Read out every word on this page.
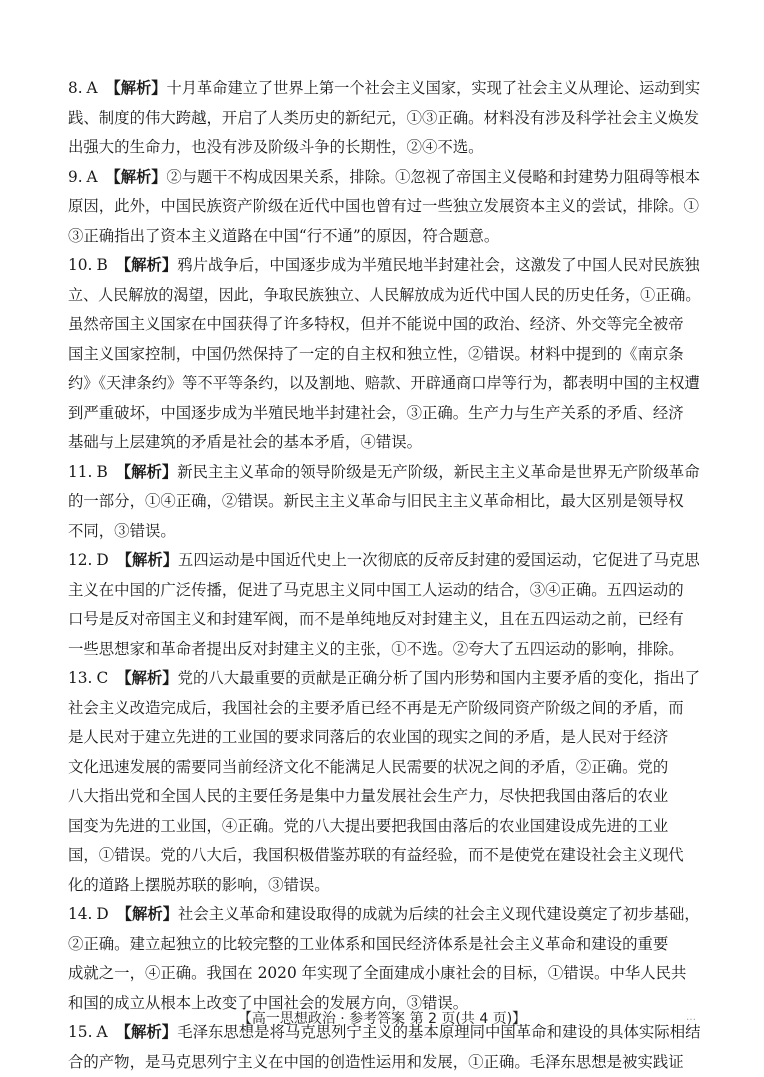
8. A 【解析】十月革命建立了世界上第一个社会主义国家，实现了社会主义从理论、运动到实
践、制度的伟大跨越，开启了人类历史的新纪元，①③正确。材料没有涉及科学社会主义焕发
出强大的生命力，也没有涉及阶级斗争的长期性，②④不选。
9. A 【解析】②与题干不构成因果关系，排除。①忽视了帝国主义侵略和封建势力阻碍等根本
原因，此外，中国民族资产阶级在近代中国也曾有过一些独立发展资本主义的尝试，排除。①
③正确指出了资本主义道路在中国“行不通”的原因，符合题意。
10. B 【解析】鸦片战争后，中国逐步成为半殖民地半封建社会，这激发了中国人民对民族独
立、人民解放的渴望，因此，争取民族独立、人民解放成为近代中国人民的历史任务，①正确。
虽然帝国主义国家在中国获得了许多特权，但并不能说中国的政治、经济、外交等完全被帝
国主义国家控制，中国仍然保持了一定的自主权和独立性，②错误。材料中提到的《南京条
约》《天津条约》等不平等条约，以及割地、赔款、开辟通商口岸等行为，都表明中国的主权遭
到严重破坏，中国逐步成为半殖民地半封建社会，③正确。生产力与生产关系的矛盾、经济
基础与上层建筑的矛盾是社会的基本矛盾，④错误。
11. B 【解析】新民主主义革命的领导阶级是无产阶级，新民主主义革命是世界无产阶级革命
的一部分，①④正确，②错误。新民主主义革命与旧民主主义革命相比，最大区别是领导权
不同，③错误。
12. D 【解析】五四运动是中国近代史上一次彻底的反帝反封建的爱国运动，它促进了马克思
主义在中国的广泛传播，促进了马克思主义同中国工人运动的结合，③④正确。五四运动的
口号是反对帝国主义和封建军阀，而不是单纯地反对封建主义，且在五四运动之前，已经有
一些思想家和革命者提出反对封建主义的主张，①不选。②夸大了五四运动的影响，排除。
13. C 【解析】党的八大最重要的贡献是正确分析了国内形势和国内主要矛盾的变化，指出了
社会主义改造完成后，我国社会的主要矛盾已经不再是无产阶级同资产阶级之间的矛盾，而
是人民对于建立先进的工业国的要求同落后的农业国的现实之间的矛盾，是人民对于经济
文化迅速发展的需要同当前经济文化不能满足人民需要的状况之间的矛盾，②正确。党的
八大指出党和全国人民的主要任务是集中力量发展社会生产力，尽快把我国由落后的农业
国变为先进的工业国，④正确。党的八大提出要把我国由落后的农业国建设成先进的工业
国，①错误。党的八大后，我国积极借鉴苏联的有益经验，而不是使党在建设社会主义现代
化的道路上摆脱苏联的影响，③错误。
14. D 【解析】社会主义革命和建设取得的成就为后续的社会主义现代建设奠定了初步基础，
②正确。建立起独立的比较完整的工业体系和国民经济体系是社会主义革命和建设的重要
成就之一，④正确。我国在 2020 年实现了全面建成小康社会的目标，①错误。中华人民共
和国的成立从根本上改变了中国社会的发展方向，③错误。
15. A 【解析】毛泽东思想是将马克思列宁主义的基本原理同中国革命和建设的具体实际相结
合的产物，是马克思列宁主义在中国的创造性运用和发展，①正确。毛泽东思想是被实践证
【高一思想政治 · 参考答案 第 2 页(共 4 页)】	…
